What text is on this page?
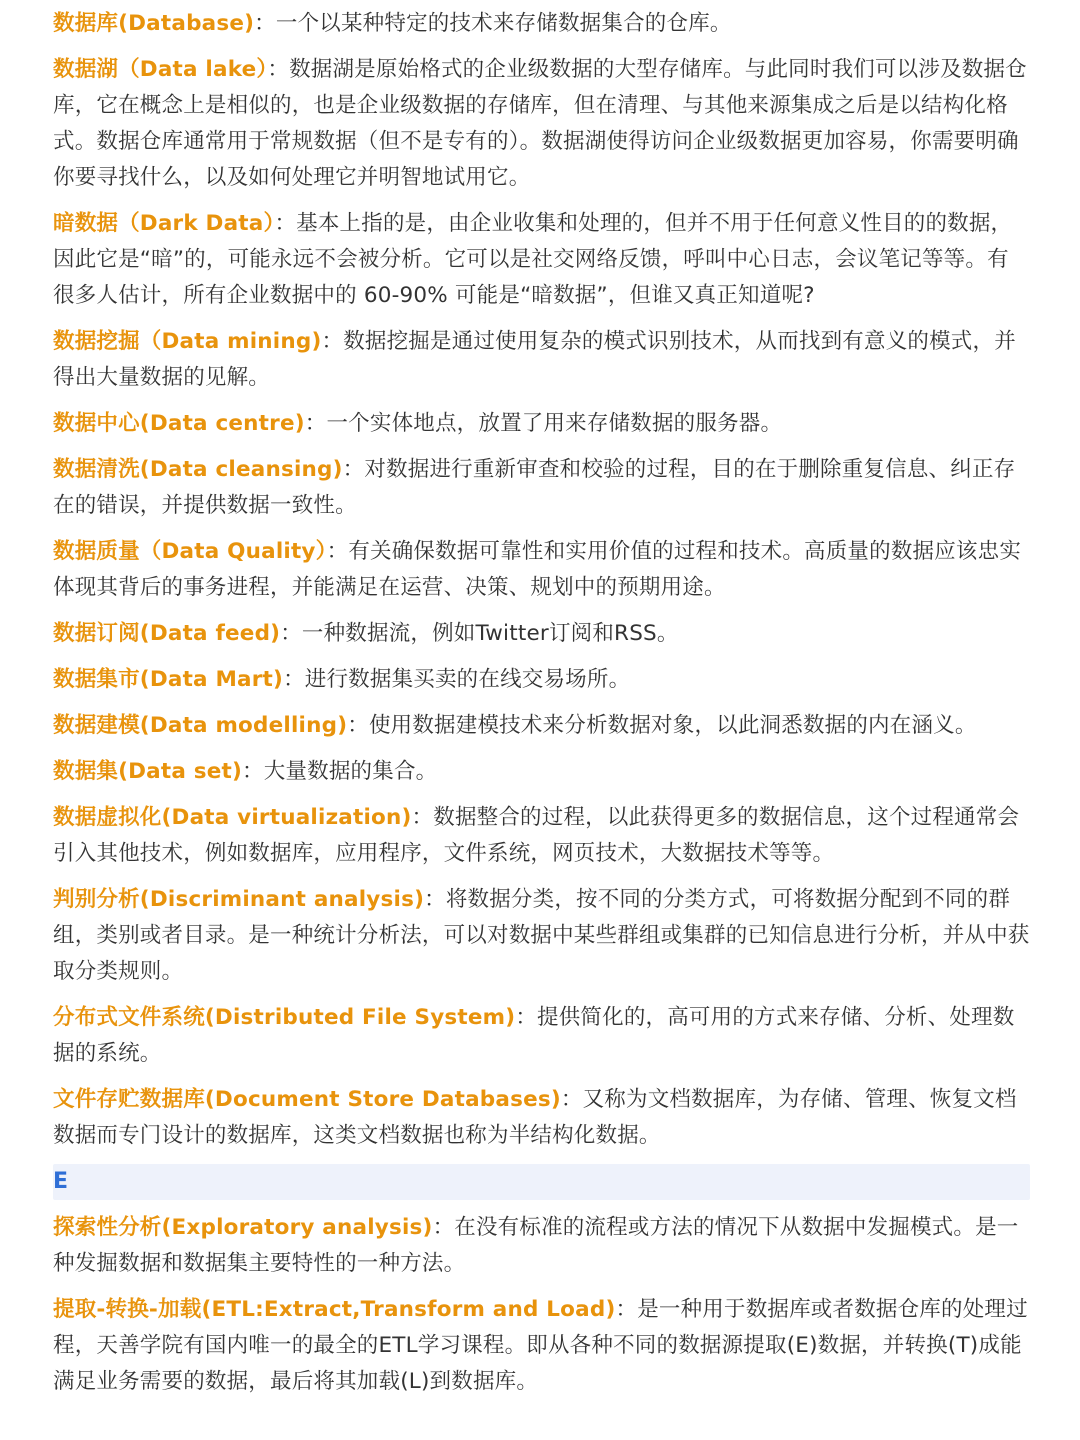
数据库(Database)：一个以某种特定的技术来存储数据集合的仓库。

数据湖（Data lake）：数据湖是原始格式的企业级数据的大型存储库。与此同时我们可以涉及数据仓库，它在概念上是相似的，也是企业级数据的存储库，但在清理、与其他来源集成之后是以结构化格式。数据仓库通常用于常规数据（但不是专有的）。数据湖使得访问企业级数据更加容易，你需要明确你要寻找什么，以及如何处理它并明智地试用它。

暗数据（Dark Data）：基本上指的是，由企业收集和处理的，但并不用于任何意义性目的的数据，因此它是“暗”的，可能永远不会被分析。它可以是社交网络反馈，呼叫中心日志，会议笔记等等。有很多人估计，所有企业数据中的 60-90% 可能是“暗数据”，但谁又真正知道呢?

数据挖掘（Data mining)：数据挖掘是通过使用复杂的模式识别技术，从而找到有意义的模式，并得出大量数据的见解。

数据中心(Data centre)：一个实体地点，放置了用来存储数据的服务器。

数据清洗(Data cleansing)：对数据进行重新审查和校验的过程，目的在于删除重复信息、纠正存在的错误，并提供数据一致性。

数据质量（Data Quality）：有关确保数据可靠性和实用价值的过程和技术。高质量的数据应该忠实体现其背后的事务进程，并能满足在运营、决策、规划中的预期用途。

数据订阅(Data feed)：一种数据流，例如Twitter订阅和RSS。

数据集市(Data Mart)：进行数据集买卖的在线交易场所。

数据建模(Data modelling)：使用数据建模技术来分析数据对象，以此洞悉数据的内在涵义。

数据集(Data set)：大量数据的集合。

数据虚拟化(Data virtualization)：数据整合的过程，以此获得更多的数据信息，这个过程通常会引入其他技术，例如数据库，应用程序，文件系统，网页技术，大数据技术等等。

判别分析(Discriminant analysis)：将数据分类，按不同的分类方式，可将数据分配到不同的群组，类别或者目录。是一种统计分析法，可以对数据中某些群组或集群的已知信息进行分析，并从中获取分类规则。

分布式文件系统(Distributed File System)：提供简化的，高可用的方式来存储、分析、处理数据的系统。

文件存贮数据库(Document Store Databases)：又称为文档数据库，为存储、管理、恢复文档数据而专门设计的数据库，这类文档数据也称为半结构化数据。

E

探索性分析(Exploratory analysis)：在没有标准的流程或方法的情况下从数据中发掘模式。是一种发掘数据和数据集主要特性的一种方法。

提取-转换-加载(ETL:Extract,Transform and Load)：是一种用于数据库或者数据仓库的处理过程，天善学院有国内唯一的最全的ETL学习课程。即从各种不同的数据源提取(E)数据，并转换(T)成能满足业务需要的数据，最后将其加载(L)到数据库。
